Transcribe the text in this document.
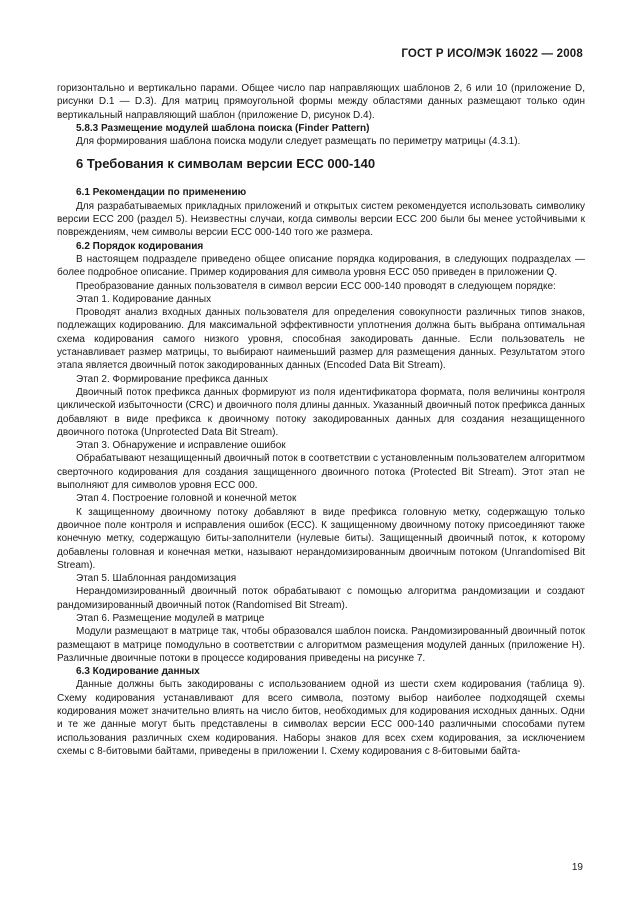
ГОСТ Р ИСО/МЭК 16022 — 2008

горизонтально и вертикально парами. Общее число пар направляющих шаблонов 2, 6 или 10 (приложение D, рисунки D.1 — D.3). Для матриц прямоугольной формы между областями данных размещают только один вертикальный направляющий шаблон (приложение D, рисунок D.4).

5.8.3 Размещение модулей шаблона поиска (Finder Pattern)

Для формирования шаблона поиска модули следует размещать по периметру матрицы (4.3.1).

6 Требования к символам версии ECC 000-140

6.1 Рекомендации по применению

Для разрабатываемых прикладных приложений и открытых систем рекомендуется использовать символику версии ECC 200 (раздел 5). Неизвестны случаи, когда символы версии ECC 200 были бы менее устойчивыми к повреждениям, чем символы версии ECC 000-140 того же размера.

6.2 Порядок кодирования

В настоящем подразделе приведено общее описание порядка кодирования, в следующих подразделах — более подробное описание. Пример кодирования для символа уровня ECC 050 приведен в приложении Q.

Преобразование данных пользователя в символ версии ECC 000-140 проводят в следующем порядке:

Этап 1. Кодирование данных

Проводят анализ входных данных пользователя для определения совокупности различных типов знаков, подлежащих кодированию. Для максимальной эффективности уплотнения должна быть выбрана оптимальная схема кодирования самого низкого уровня, способная закодировать данные. Если пользователь не устанавливает размер матрицы, то выбирают наименьший размер для размещения данных. Результатом этого этапа является двоичный поток закодированных данных (Encoded Data Bit Stream).

Этап 2. Формирование префикса данных

Двоичный поток префикса данных формируют из поля идентификатора формата, поля величины контроля циклической избыточности (CRC) и двоичного поля длины данных. Указанный двоичный поток префикса данных добавляют в виде префикса к двоичному потоку закодированных данных для создания незащищенного двоичного потока (Unprotected Data Bit Stream).

Этап 3. Обнаружение и исправление ошибок

Обрабатывают незащищенный двоичный поток в соответствии с установленным пользователем алгоритмом сверточного кодирования для создания защищенного двоичного потока (Protected Bit Stream). Этот этап не выполняют для символов уровня ECC 000.

Этап 4. Построение головной и конечной меток

К защищенному двоичному потоку добавляют в виде префикса головную метку, содержащую только двоичное поле контроля и исправления ошибок (ECC). К защищенному двоичному потоку присоединяют также конечную метку, содержащую биты-заполнители (нулевые биты). Защищенный двоичный поток, к которому добавлены головная и конечная метки, называют нерандомизированным двоичным потоком (Unrandomised Bit Stream).

Этап 5. Шаблонная рандомизация

Нерандомизированный двоичный поток обрабатывают с помощью алгоритма рандомизации и создают рандомизированный двоичный поток (Randomised Bit Stream).

Этап 6. Размещение модулей в матрице

Модули размещают в матрице так, чтобы образовался шаблон поиска. Рандомизированный двоичный поток размещают в матрице помодульно в соответствии с алгоритмом размещения модулей данных (приложение H). Различные двоичные потоки в процессе кодирования приведены на рисунке 7.

6.3 Кодирование данных

Данные должны быть закодированы с использованием одной из шести схем кодирования (таблица 9). Схему кодирования устанавливают для всего символа, поэтому выбор наиболее подходящей схемы кодирования может значительно влиять на число битов, необходимых для кодирования исходных данных. Одни и те же данные могут быть представлены в символах версии ECC 000-140 различными способами путем использования различных схем кодирования. Наборы знаков для всех схем кодирования, за исключением схемы с 8-битовыми байтами, приведены в приложении I. Схему кодирования с 8-битовыми байта-

19
